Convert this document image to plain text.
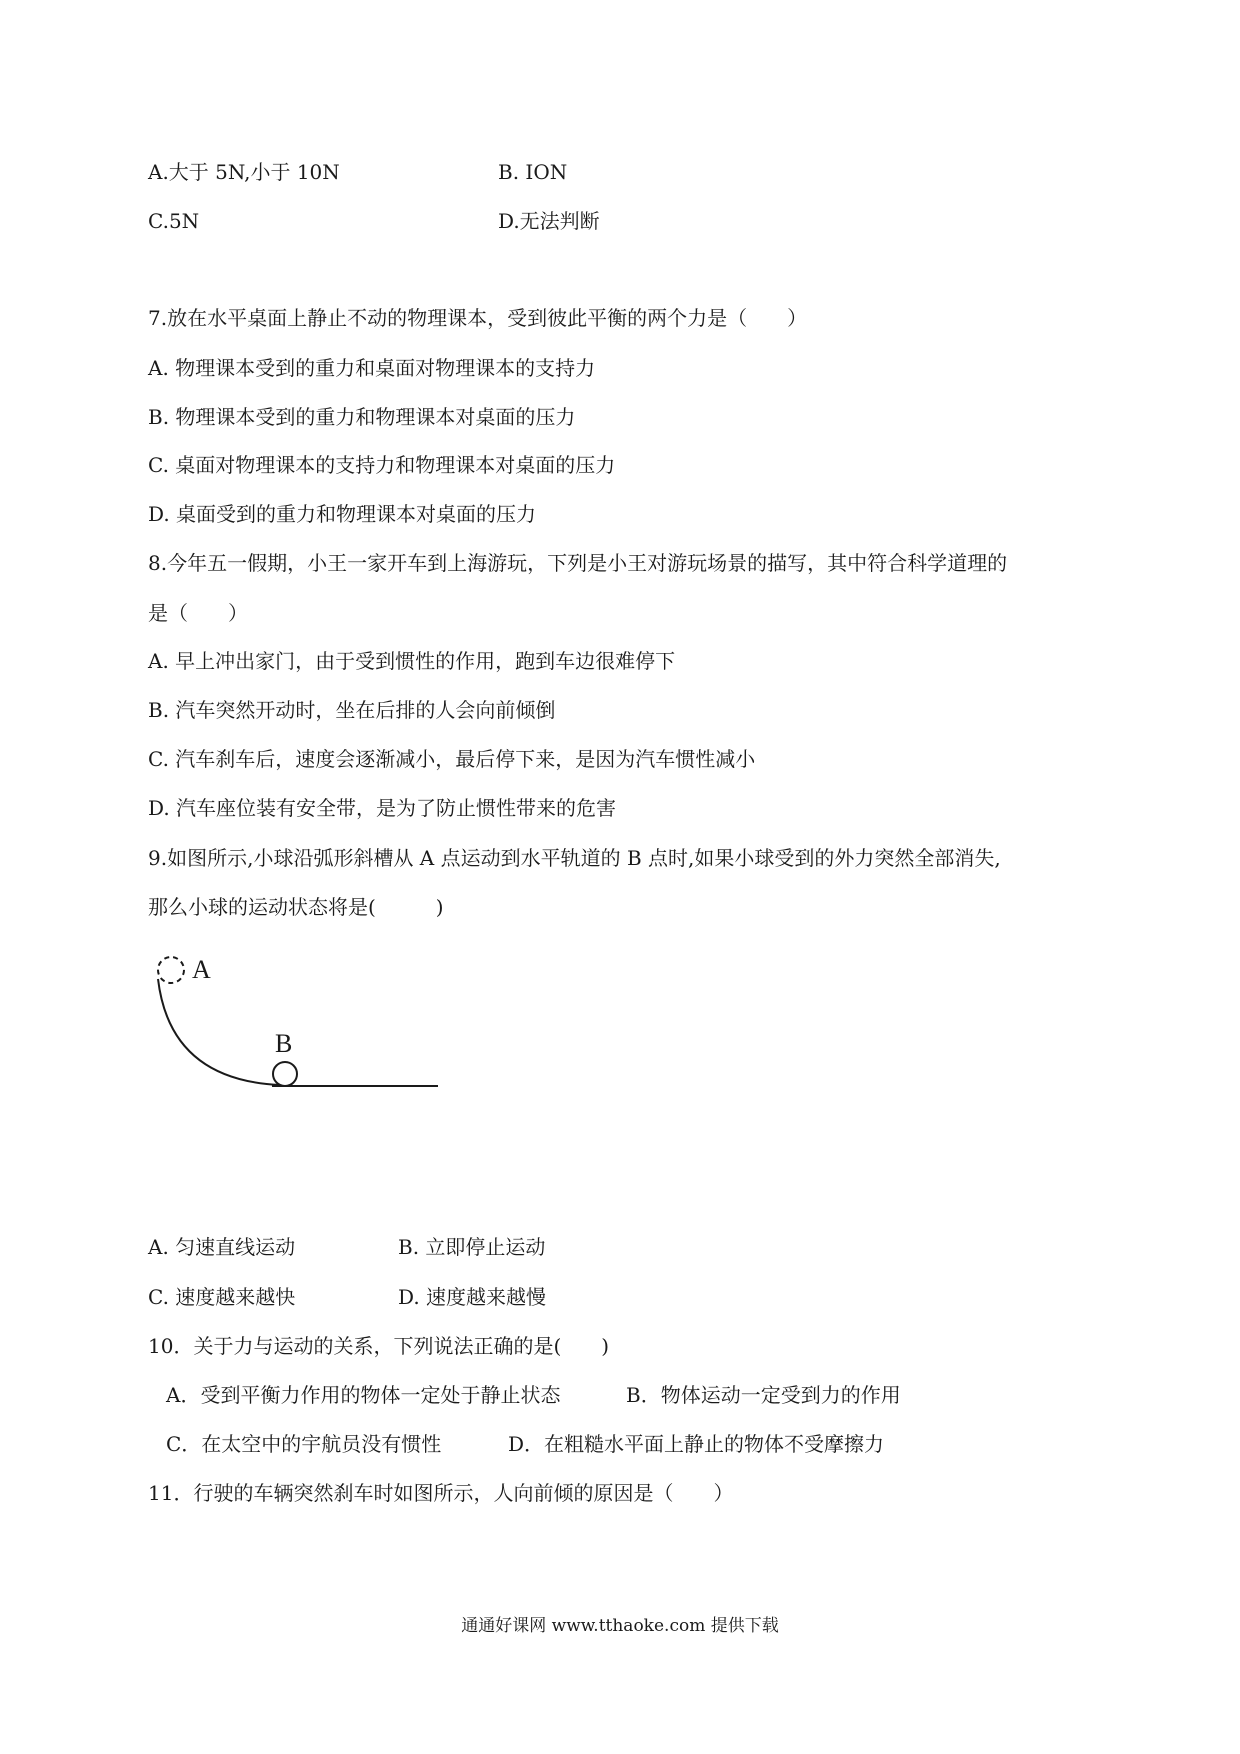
A.大于 5N,小于 10N	B. ION
C.5N	D.无法判断
7.放在水平桌面上静止不动的物理课本，受到彼此平衡的两个力是（　　）
A. 物理课本受到的重力和桌面对物理课本的支持力
B. 物理课本受到的重力和物理课本对桌面的压力
C. 桌面对物理课本的支持力和物理课本对桌面的压力
D. 桌面受到的重力和物理课本对桌面的压力
8.今年五一假期，小王一家开车到上海游玩，下列是小王对游玩场景的描写，其中符合科学道理的
是（　　）
A. 早上冲出家门，由于受到惯性的作用，跑到车边很难停下
B. 汽车突然开动时，坐在后排的人会向前倾倒
C. 汽车刹车后，速度会逐渐减小，最后停下来，是因为汽车惯性减小
D. 汽车座位装有安全带，是为了防止惯性带来的危害
9.如图所示,小球沿弧形斜槽从 A 点运动到水平轨道的 B 点时,如果小球受到的外力突然全部消失,
那么小球的运动状态将是(　　　)
A
B
A. 匀速直线运动	B. 立即停止运动
C. 速度越来越快	D. 速度越来越慢
10．关于力与运动的关系，下列说法正确的是(　　)
A．受到平衡力作用的物体一定处于静止状态	B．物体运动一定受到力的作用
C．在太空中的宇航员没有惯性	D．在粗糙水平面上静止的物体不受摩擦力
11．行驶的车辆突然刹车时如图所示，人向前倾的原因是（　　）
通通好课网 www.tthaoke.com 提供下载
